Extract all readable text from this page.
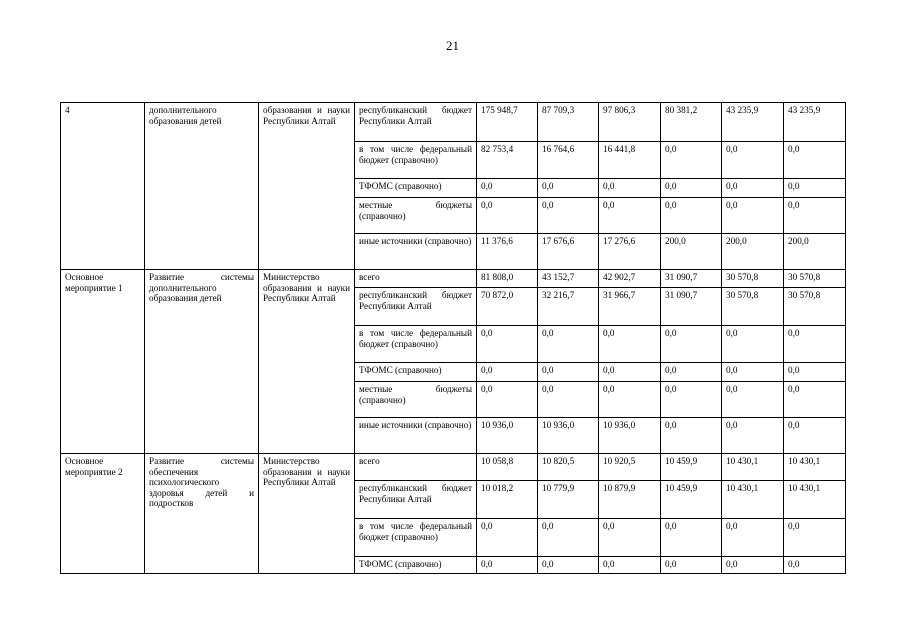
21
4	дополнительного образования детей	образования и науки Республики Алтай	республиканский бюджет Республики Алтай	175 948,7	87 709,3	97 806,3	80 381,2	43 235,9	43 235,9
			в том числе федеральный бюджет (справочно)	82 753,4	16 764,6	16 441,8	0,0	0,0	0,0
			ТФОМС (справочно)	0,0	0,0	0,0	0,0	0,0	0,0
			местные бюджеты (справочно)	0,0	0,0	0,0	0,0	0,0	0,0
			иные источники (справочно)	11 376,6	17 676,6	17 276,6	200,0	200,0	200,0
Основное мероприятие 1	Развитие системы дополнительного образования детей	Министерство образования и науки Республики Алтай	всего	81 808,0	43 152,7	42 902,7	31 090,7	30 570,8	30 570,8
			республиканский бюджет Республики Алтай	70 872,0	32 216,7	31 966,7	31 090,7	30 570,8	30 570,8
			в том числе федеральный бюджет (справочно)	0,0	0,0	0,0	0,0	0,0	0,0
			ТФОМС (справочно)	0,0	0,0	0,0	0,0	0,0	0,0
			местные бюджеты (справочно)	0,0	0,0	0,0	0,0	0,0	0,0
			иные источники (справочно)	10 936,0	10 936,0	10 936,0	0,0	0,0	0,0
Основное мероприятие 2	Развитие системы обеспечения психологического здоровья детей и подростков	Министерство образования и науки Республики Алтай	всего	10 058,8	10 820,5	10 920,5	10 459,9	10 430,1	10 430,1
			республиканский бюджет Республики Алтай	10 018,2	10 779,9	10 879,9	10 459,9	10 430,1	10 430,1
			в том числе федеральный бюджет (справочно)	0,0	0,0	0,0	0,0	0,0	0,0
			ТФОМС (справочно)	0,0	0,0	0,0	0,0	0,0	0,0
